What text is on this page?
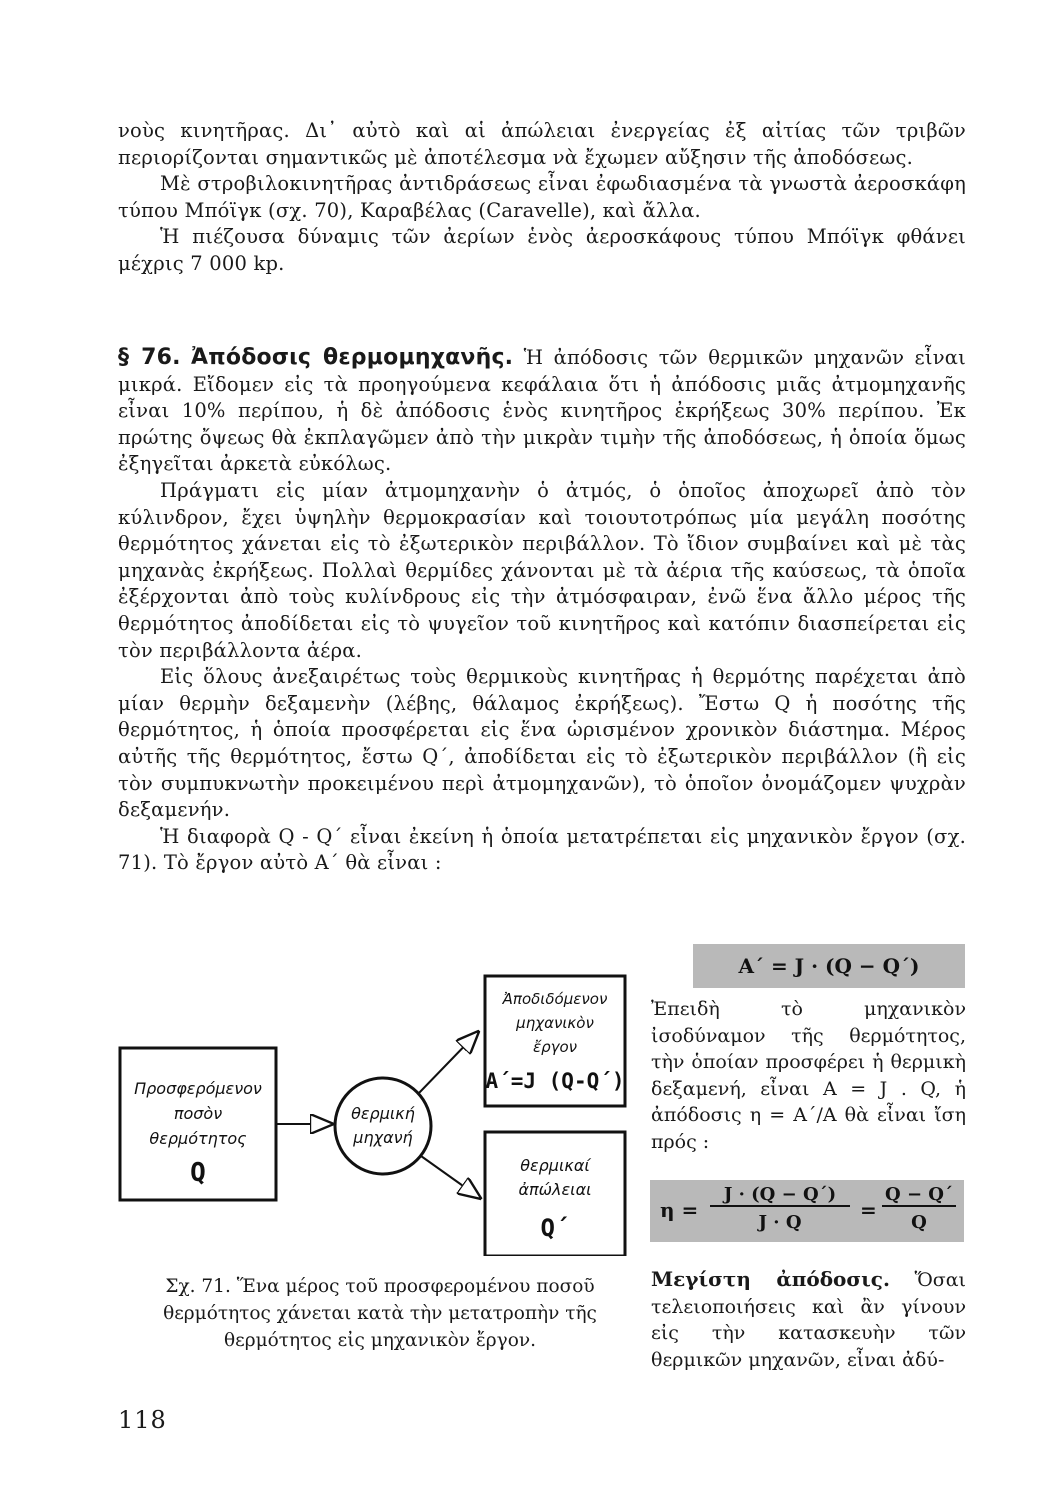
νοὺς κινητῆρας. Δι᾽ αὐτὸ καὶ αἱ ἀπώλειαι ἐνεργείας ἐξ αἰτίας τῶν τριβῶν περιορίζονται σημαντικῶς μὲ ἀποτέλεσμα νὰ ἔχωμεν αὔξησιν τῆς ἀποδόσεως.

Μὲ στροβιλοκινητῆρας ἀντιδράσεως εἶναι ἐφωδιασμένα τὰ γνωστὰ ἀεροσκάφη τύπου Μπόϊγκ (σχ. 70), Καραβέλας (Caravelle), καὶ ἄλλα.

Ἡ πιέζουσα δύναμις τῶν ἀερίων ἑνὸς ἀεροσκάφους τύπου Μπόϊγκ φθάνει μέχρις 7 000 kp.

§ 76. Ἀπόδοσις θερμομηχανῆς. Ἡ ἀπόδοσις τῶν θερμικῶν μηχανῶν εἶναι μικρά. Εἴδομεν εἰς τὰ προηγούμενα κεφάλαια ὅτι ἡ ἀπόδοσις μιᾶς ἀτμομηχανῆς εἶναι 10% περίπου, ἡ δὲ ἀπόδοσις ἑνὸς κινητῆρος ἐκρήξεως 30% περίπου. Ἐκ πρώτης ὄψεως θὰ ἐκπλαγῶμεν ἀπὸ τὴν μικρὰν τιμὴν τῆς ἀποδόσεως, ἡ ὁποία ὅμως ἐξηγεῖται ἀρκετὰ εὐκόλως.

Πράγματι εἰς μίαν ἀτμομηχανὴν ὁ ἀτμός, ὁ ὁποῖος ἀποχωρεῖ ἀπὸ τὸν κύλινδρον, ἔχει ὑψηλὴν θερμοκρασίαν καὶ τοιουτοτρόπως μία μεγάλη ποσότης θερμότητος χάνεται εἰς τὸ ἐξωτερικὸν περιβάλλον. Τὸ ἴδιον συμβαίνει καὶ μὲ τὰς μηχανὰς ἐκρήξεως. Πολλαὶ θερμίδες χάνονται μὲ τὰ ἀέρια τῆς καύσεως, τὰ ὁποῖα ἐξέρχονται ἀπὸ τοὺς κυλίνδρους εἰς τὴν ἀτμόσφαιραν, ἐνῶ ἕνα ἄλλο μέρος τῆς θερμότητος ἀποδίδεται εἰς τὸ ψυγεῖον τοῦ κινητῆρος καὶ κατόπιν διασπείρεται εἰς τὸν περιβάλλοντα ἀέρα.

Εἰς ὅλους ἀνεξαιρέτως τοὺς θερμικοὺς κινητῆρας ἡ θερμότης παρέχεται ἀπὸ μίαν θερμὴν δεξαμενὴν (λέβης, θάλαμος ἐκρήξεως). Ἔστω Q ἡ ποσότης τῆς θερμότητος, ἡ ὁποία προσφέρεται εἰς ἕνα ὡρισμένον χρονικὸν διάστημα. Μέρος αὐτῆς τῆς θερμότητος, ἔστω Q΄, ἀποδίδεται εἰς τὸ ἐξωτερικὸν περιβάλλον (ἢ εἰς τὸν συμπυκνωτὴν προκειμένου περὶ ἀτμομηχανῶν), τὸ ὁποῖον ὀνομάζομεν ψυχρὰν δεξαμενήν.

Ἡ διαφορὰ Q - Q΄ εἶναι ἐκείνη ἡ ὁποία μετατρέπεται εἰς μηχανικὸν ἔργον (σχ. 71). Τὸ ἔργον αὐτὸ A΄ θὰ εἶναι :

Προσφερόμενον
ποσὸν
θερμότητος
Q
θερμική
μηχανή
Ἀποδιδόμενον
μηχανικὸν
ἔργον
A΄=J (Q-Q΄)
θερμικαί
ἀπώλειαι
Q΄
Σχ. 71. Ἕνα μέρος τοῦ προσφερομένου ποσοῦ θερμότητος χάνεται κατὰ τὴν μετατροπὴν τῆς θερμότητος εἰς μηχανικὸν ἔργον.
A΄ = J · (Q − Q΄)

Ἐπειδὴ τὸ μηχανικὸν ἰσοδύναμον τῆς θερμότητος, τὴν ὁποίαν προσφέρει ἡ θερμικὴ δεξαμενή, εἶναι A = J . Q, ἡ ἀπόδοσις η = A΄/A θὰ εἶναι ἴση πρός :

η =
J · (Q − Q΄)
J · Q
=
Q − Q΄
Q

Μεγίστη ἀπόδοσις. Ὅσαι τελειοποιήσεις καὶ ἂν γίνουν εἰς τὴν κατασκευὴν τῶν θερμικῶν μηχανῶν, εἶναι ἀδύ-

118
